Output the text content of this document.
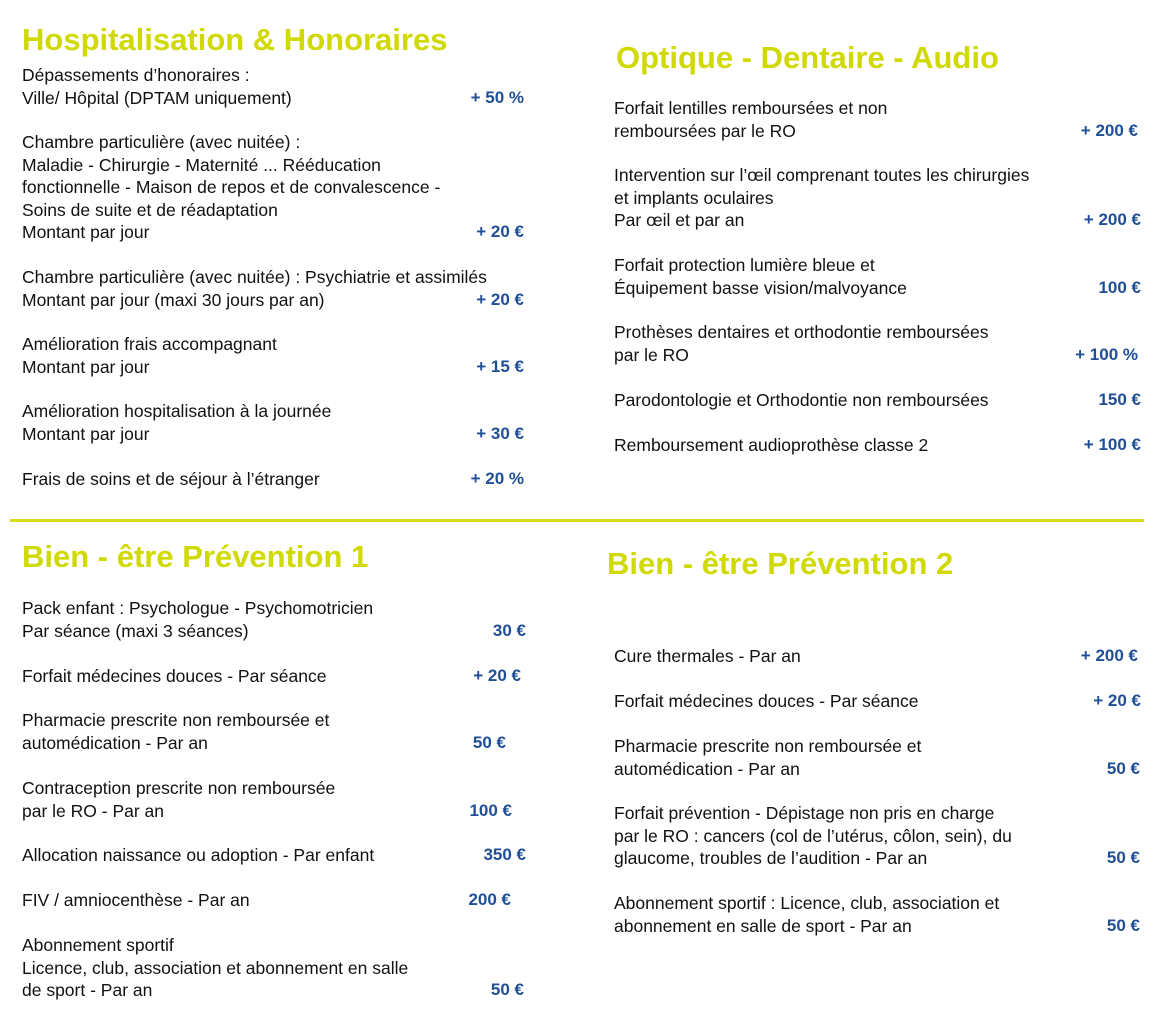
Hospitalisation & Honoraires
Dépassements d’honoraires :
Ville/ Hôpital (DPTAM uniquement)	+ 50 %
Chambre particulière (avec nuitée) :
Maladie - Chirurgie - Maternité ... Rééducation
fonctionnelle - Maison de repos et de convalescence -
Soins de suite et de réadaptation
Montant par jour	+ 20 €
Chambre particulière (avec nuitée) : Psychiatrie et assimilés
Montant par jour (maxi 30 jours par an)	+ 20 €
Amélioration frais accompagnant
Montant par jour	+ 15 €
Amélioration hospitalisation à la journée
Montant par jour	+ 30 €
Frais de soins et de séjour à l’étranger	+ 20 %
Optique - Dentaire - Audio
Forfait lentilles remboursées et non
remboursées par le RO	+ 200 €
Intervention sur l’œil comprenant toutes les chirurgies
et implants oculaires
Par œil et par an	+ 200 €
Forfait protection lumière bleue et
Équipement basse vision/malvoyance	100 €
Prothèses dentaires et orthodontie remboursées
par le RO	+ 100 %
Parodontologie et Orthodontie non remboursées	150 €
Remboursement audioprothèse classe 2	+ 100 €
Bien - être Prévention 1
Pack enfant : Psychologue - Psychomotricien
Par séance (maxi 3 séances)	30 €
Forfait médecines douces - Par séance	+ 20 €
Pharmacie prescrite non remboursée et
automédication - Par an	50 €
Contraception prescrite non remboursée
par le RO - Par an	100 €
Allocation naissance ou adoption - Par enfant	350 €
FIV / amniocenthèse - Par an	200 €
Abonnement sportif
Licence, club, association et abonnement en salle
de sport - Par an	50 €
Bien - être Prévention 2
Cure thermales - Par an	+ 200 €
Forfait médecines douces - Par séance	+ 20 €
Pharmacie prescrite non remboursée et
automédication - Par an	50 €
Forfait prévention - Dépistage non pris en charge
par le RO : cancers (col de l’utérus, côlon, sein), du
glaucome, troubles de l’audition - Par an	50 €
Abonnement sportif : Licence, club, association et
abonnement en salle de sport - Par an	50 €
